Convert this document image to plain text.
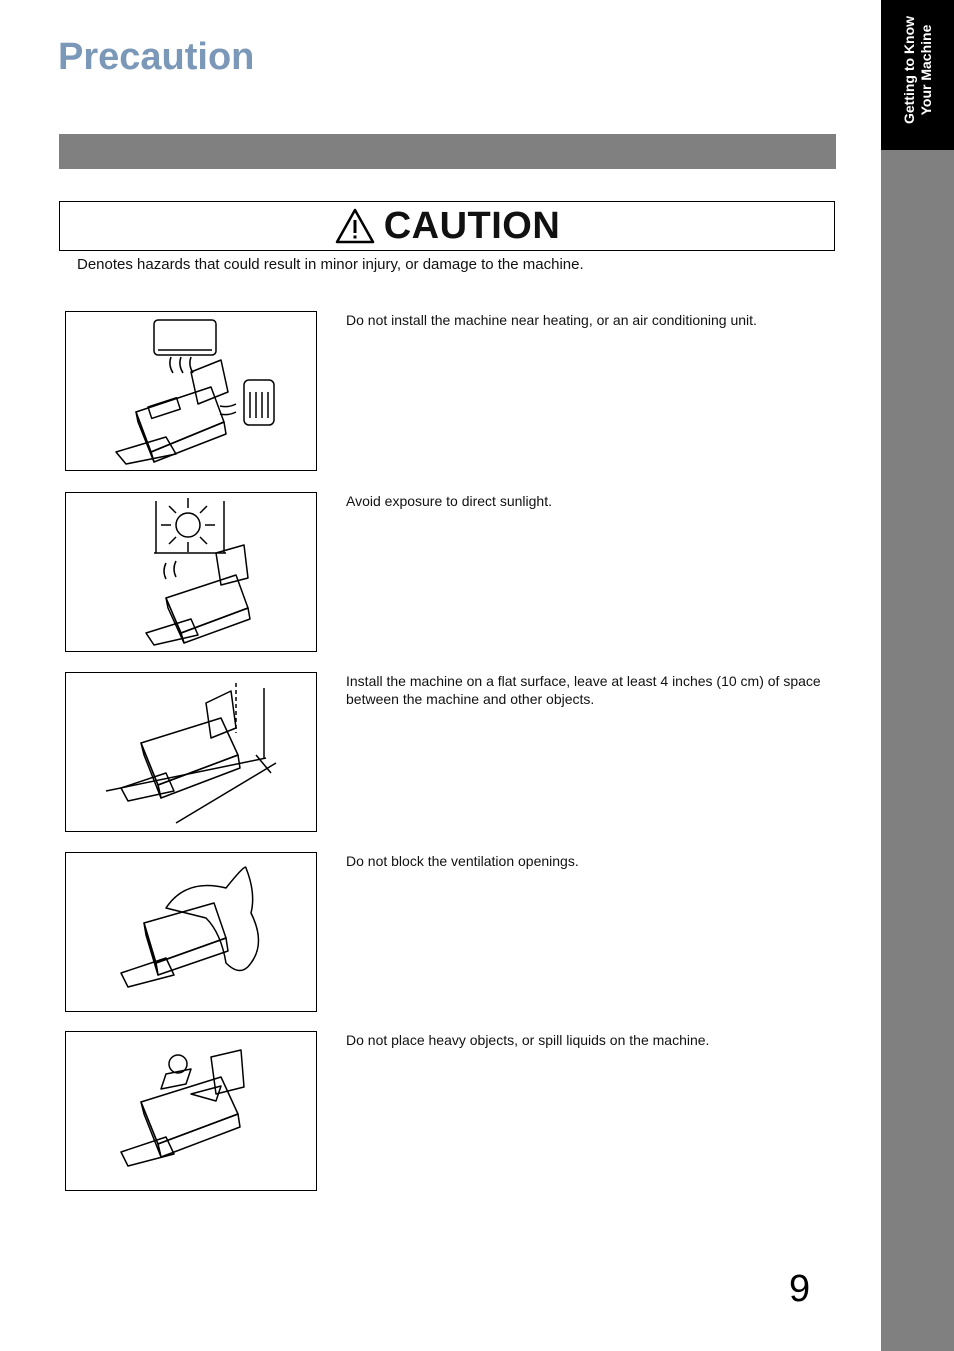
Precaution
CAUTION
Denotes hazards that could result in minor injury, or damage to the machine.
Do not install the machine near heating, or an air conditioning unit.
Avoid exposure to direct sunlight.
Install the machine on a flat surface, leave at least 4 inches (10 cm) of space between the machine and other objects.
Do not block the ventilation openings.
Do not place heavy objects, or spill liquids on the machine.
Getting to Know
Your Machine
9
